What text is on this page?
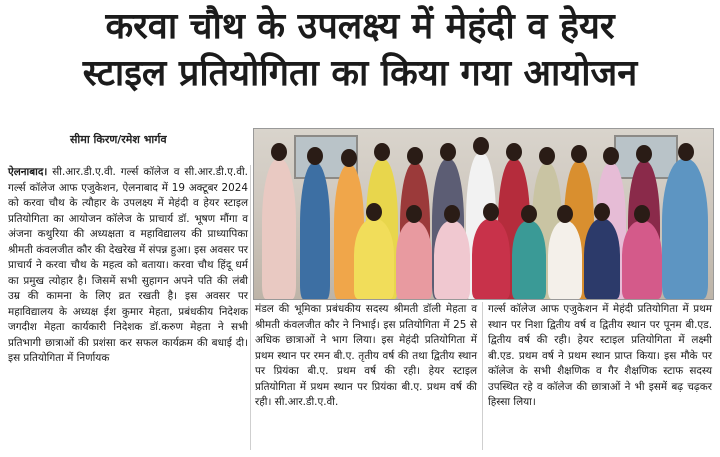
करवा चौथ के उपलक्ष्य में मेहंदी व हेयर
स्टाइल प्रतियोगिता का किया गया आयोजन
सीमा किरण/रमेश भार्गव
ऐलनाबाद। सी.आर.डी.ए.वी. गर्ल्स कॉलेज व सी.आर.डी.ए.वी. गर्ल्स कॉलेज आफ एजुकेशन, ऐलनाबाद में 19 अक्टूबर 2024 को करवा चौथ के त्यौहार के उपलक्ष्य में मेहंदी व हेयर स्टाइल प्रतियोगिता का आयोजन कॉलेज के प्राचार्य डॉ. भूषण मौंगा व अंजना कथुरिया की अध्यक्षता व महाविद्यालय की प्राध्यापिका श्रीमती कंवलजीत कौर की देखरेख में संपन्न हुआ। इस अवसर पर प्राचार्य ने करवा चौथ के महत्व को बताया। करवा चौथ हिंदू धर्म का प्रमुख त्योहार है। जिसमें सभी सुहागन अपने पति की लंबी उम्र की कामना के लिए व्रत रखती है। इस अवसर पर महाविद्यालय के अध्यक्ष ईश कुमार मेहता, प्रबंधकीय निदेशक जगदीश मेहता कार्यकारी निदेशक डॉ.करुण मेहता ने सभी प्रतिभागी छात्राओं की प्रशंसा कर सफल कार्यक्रम की बधाई दी। इस प्रतियोगिता में निर्णायक
मंडल की भूमिका प्रबंधकीय सदस्य श्रीमती डॉली मेहता व श्रीमती कंवलजीत कौर ने निभाई। इस प्रतियोगिता में 25 से अधिक छात्राओं ने भाग लिया। इस मेहंदी प्रतियोगिता में प्रथम स्थान पर रमन बी.ए. तृतीय वर्ष की तथा द्वितीय स्थान पर प्रियंका बी.ए. प्रथम वर्ष की रही। हेयर स्टाइल प्रतियोगिता में प्रथम स्थान पर प्रियंका बी.ए. प्रथम वर्ष की रही। सी.आर.डी.ए.वी.
गर्ल्स कॉलेज आफ एजुकेशन में मेहंदी प्रतियोगिता में प्रथम स्थान पर निशा द्वितीय वर्ष व द्वितीय स्थान पर पूनम बी.एड. द्वितीय वर्ष की रही। हेयर स्टाइल प्रतियोगिता में लक्ष्मी बी.एड. प्रथम वर्ष ने प्रथम स्थान प्राप्त किया। इस मौके पर कॉलेज के सभी शैक्षणिक व गैर शैक्षणिक स्टाफ सदस्य उपस्थित रहे व कॉलेज की छात्राओं ने भी इसमें बढ़ चढ़कर हिस्सा लिया।
